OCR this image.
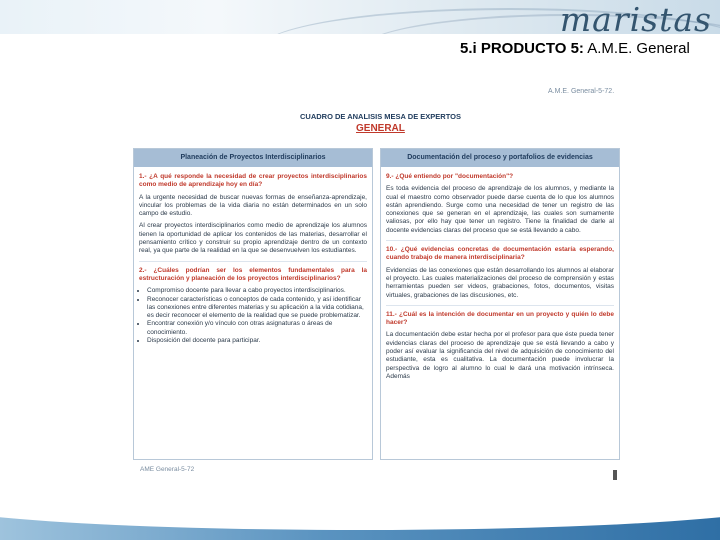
maristas
5.i PRODUCTO 5: A.M.E. General
A.M.E. General-5-72.
CUADRO DE ANALISIS MESA DE EXPERTOS
GENERAL
Planeación de Proyectos Interdisciplinarios

1.- ¿A qué responde la necesidad de crear proyectos interdisciplinarios como medio de aprendizaje hoy en día?

A la urgente necesidad de buscar nuevas formas de enseñanza-aprendizaje, vincular los problemas de la vida diaria no están determinados en un solo campo de estudio.

Al crear proyectos interdisciplinarios como medio de aprendizaje los alumnos tienen la oportunidad de aplicar los contenidos de las materias, desarrollar el pensamiento crítico y construir su propio aprendizaje dentro de un contexto real, ya que parte de la realidad en la que se desenvuelven los estudiantes.

2.- ¿Cuáles podrían ser los elementos fundamentales para la estructuración y planeación de los proyectos interdisciplinarios?

• Compromiso docente para llevar a cabo proyectos interdisciplinarios.
• Reconocer características o conceptos de cada contenido, y así identificar las conexiones entre diferentes materias y su aplicación a la vida cotidiana, es decir reconocer el elemento de la realidad que se puede problematizar.
• Encontrar conexión y/o vínculo con otras asignaturas o áreas de conocimiento.
• Disposición del docente para participar.
Documentación del proceso y portafolios de evidencias

9.- ¿Qué entiendo por "documentación"?

Es toda evidencia del proceso de aprendizaje de los alumnos, y mediante la cual el maestro como observador puede darse cuenta de lo que los alumnos están aprendiendo. Surge como una necesidad de tener un registro de las conexiones que se generan en el aprendizaje, las cuales son sumamente valiosas, por ello hay que tener un registro. Tiene la finalidad de darle al docente evidencias claras del proceso que se está llevando a cabo.

10.- ¿Qué evidencias concretas de documentación estaría esperando, cuando trabajo de manera interdisciplinaria?

Evidencias de las conexiones que están desarrollando los alumnos al elaborar el proyecto. Las cuales materializaciones del proceso de comprensión y estas herramientas pueden ser videos, grabaciones, fotos, documentos, visitas virtuales, grabaciones de las discusiones, etc.

11.- ¿Cuál es la intención de documentar en un proyecto y quién lo debe hacer?

La documentación debe estar hecha por el profesor para que éste pueda tener evidencias claras del proceso de aprendizaje que se está llevando a cabo y poder así evaluar la significancia del nivel de adquisición de conocimiento del estudiante, esta es cualitativa. La documentación puede involucrar la perspectiva de logro al alumno lo cual le dará una motivación intrínseca. Además

AME General-5-72
